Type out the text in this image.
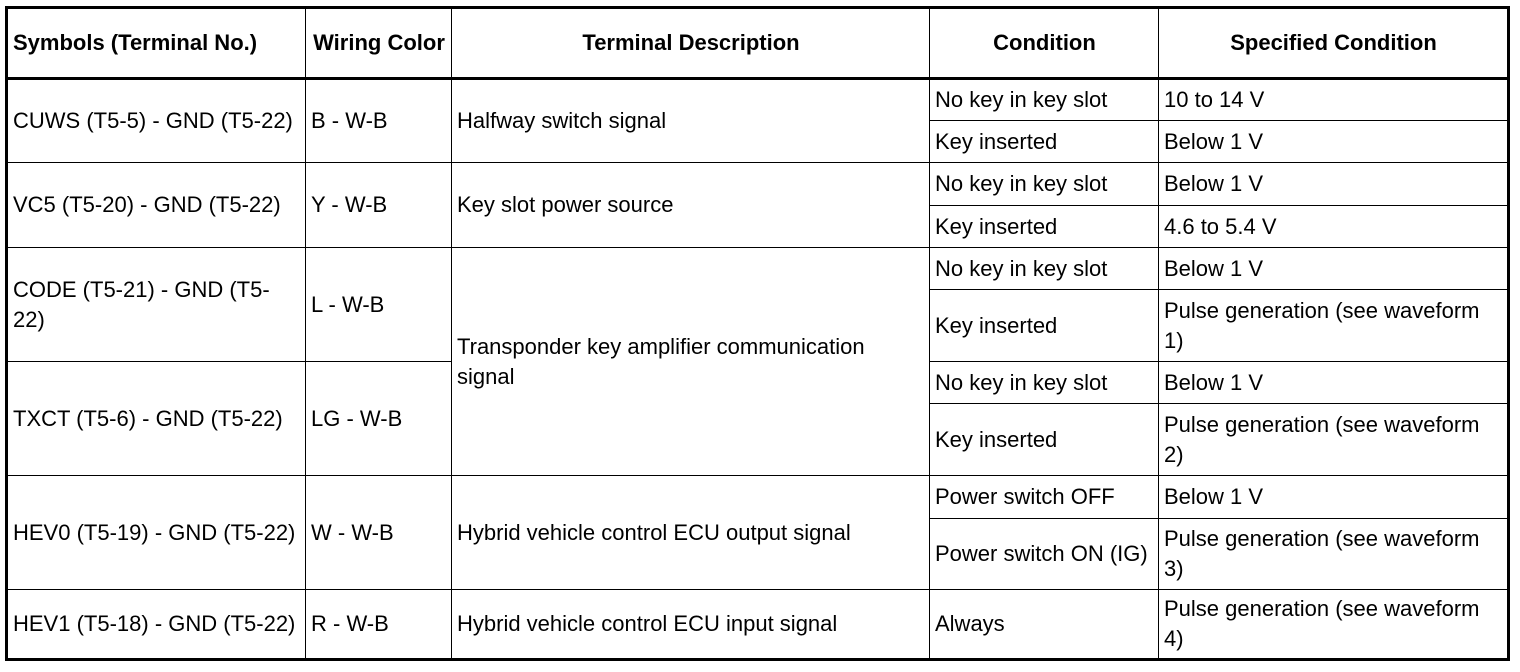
Symbols (Terminal No.)	Wiring Color	Terminal Description	Condition	Specified Condition
CUWS (T5-5) - GND (T5-22)	B - W-B	Halfway switch signal	No key in key slot	10 to 14 V
			Key inserted	Below 1 V
VC5 (T5-20) - GND (T5-22)	Y - W-B	Key slot power source	No key in key slot	Below 1 V
			Key inserted	4.6 to 5.4 V
CODE (T5-21) - GND (T5-22)	L - W-B	Transponder key amplifier communication signal	No key in key slot	Below 1 V
			Key inserted	Pulse generation (see waveform 1)
TXCT (T5-6) - GND (T5-22)	LG - W-B		No key in key slot	Below 1 V
			Key inserted	Pulse generation (see waveform 2)
HEV0 (T5-19) - GND (T5-22)	W - W-B	Hybrid vehicle control ECU output signal	Power switch OFF	Below 1 V
			Power switch ON (IG)	Pulse generation (see waveform 3)
HEV1 (T5-18) - GND (T5-22)	R - W-B	Hybrid vehicle control ECU input signal	Always	Pulse generation (see waveform 4)
